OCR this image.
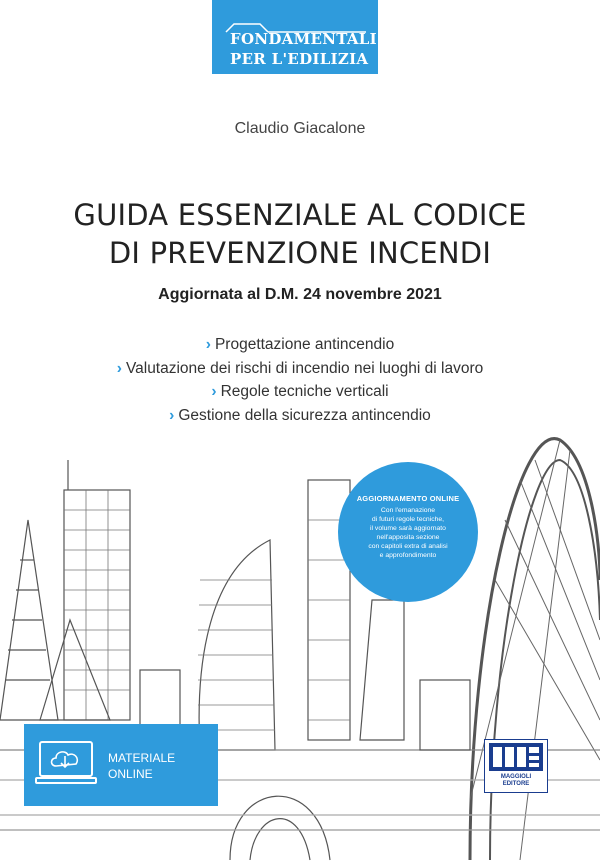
FONDAMENTALI
PER L'EDILIZIA
Claudio Giacalone
GUIDA ESSENZIALE AL CODICE
DI PREVENZIONE INCENDI
Aggiornata al D.M. 24 novembre 2021
› Progettazione antincendio
› Valutazione dei rischi di incendio nei luoghi di lavoro
› Regole tecniche verticali
› Gestione della sicurezza antincendio
AGGIORNAMENTO ONLINE
Con l'emanazione
di futuri regole tecniche,
il volume sarà aggiornato
nell'apposita sezione
con capitoli extra di analisi
e approfondimento
MATERIALE
ONLINE	MAGGIOLI
EDITORE
